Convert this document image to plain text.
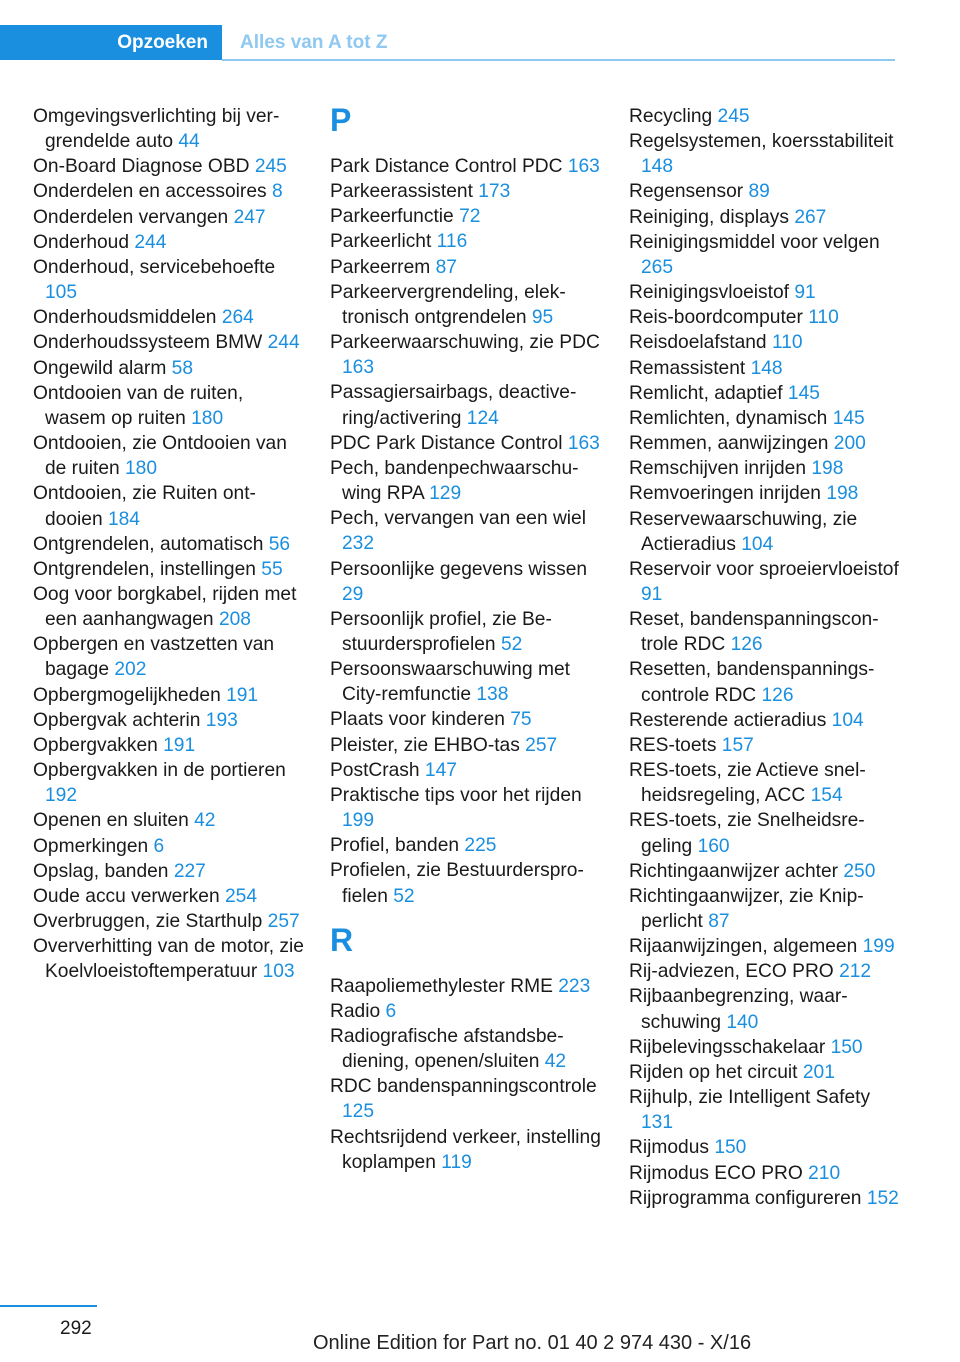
Opzoeken	Alles van A tot Z
Omgevingsverlichting bij vergrendelde auto 44
On-Board Diagnose OBD 245
Onderdelen en accessoires 8
Onderdelen vervangen 247
Onderhoud 244
Onderhoud, servicebehoefte 105
Onderhoudsmiddelen 264
Onderhoudssysteem BMW 244
Ongewild alarm 58
Ontdooien van de ruiten, wasem op ruiten 180
Ontdooien, zie Ontdooien van de ruiten 180
Ontdooien, zie Ruiten ontdooien 184
Ontgrendelen, automatisch 56
Ontgrendelen, instellingen 55
Oog voor borgkabel, rijden met een aanhangwagen 208
Opbergen en vastzetten van bagage 202
Opbergmogelijkheden 191
Opbergvak achterin 193
Opbergvakken 191
Opbergvakken in de portieren 192
Openen en sluiten 42
Opmerkingen 6
Opslag, banden 227
Oude accu verwerken 254
Overbruggen, zie Starthulp 257
Oververhitting van de motor, zie Koelvloeistoftemperatuur 103
P
Park Distance Control PDC 163
Parkeerassistent 173
Parkeerfunctie 72
Parkeerlicht 116
Parkeerrem 87
Parkeervergrendeling, elektronisch ontgrendelen 95
Parkeerwaarschuwing, zie PDC 163
Passagiersairbags, deactivering/activering 124
PDC Park Distance Control 163
Pech, bandenpechwaarschuwing RPA 129
Pech, vervangen van een wiel 232
Persoonlijke gegevens wissen 29
Persoonlijk profiel, zie Bestuurdersprofielen 52
Persoonswaarschuwing met City-remfunctie 138
Plaats voor kinderen 75
Pleister, zie EHBO-tas 257
PostCrash 147
Praktische tips voor het rijden 199
Profiel, banden 225
Profielen, zie Bestuurdersprofielen 52
R
Raapoliemethylester RME 223
Radio 6
Radiografische afstandsbediening, openen/sluiten 42
RDC bandenspanningscontrole 125
Rechtsrijdend verkeer, instelling koplampen 119
Recycling 245
Regelsystemen, koersstabiliteit 148
Regensensor 89
Reiniging, displays 267
Reinigingsmiddel voor velgen 265
Reinigingsvloeistof 91
Reis-boordcomputer 110
Reisdoelafstand 110
Remassistent 148
Remlicht, adaptief 145
Remlichten, dynamisch 145
Remmen, aanwijzingen 200
Remschijven inrijden 198
Remvoeringen inrijden 198
Reservewaarschuwing, zie Actieradius 104
Reservoir voor sproeiervloeistof 91
Reset, bandenspanningscontrole RDC 126
Resetten, bandenspanningscontrole RDC 126
Resterende actieradius 104
RES-toets 157
RES-toets, zie Actieve snelheidsregeling, ACC 154
RES-toets, zie Snelheidsregeling 160
Richtingaanwijzer achter 250
Richtingaanwijzer, zie Knipperlicht 87
Rijaanwijzingen, algemeen 199
Rij-adviezen, ECO PRO 212
Rijbaanbegrenzing, waarschuwing 140
Rijbelevingsschakelaar 150
Rijden op het circuit 201
Rijhulp, zie Intelligent Safety 131
Rijmodus 150
Rijmodus ECO PRO 210
Rijprogramma configureren 152
292
Online Edition for Part no. 01 40 2 974 430 - X/16
